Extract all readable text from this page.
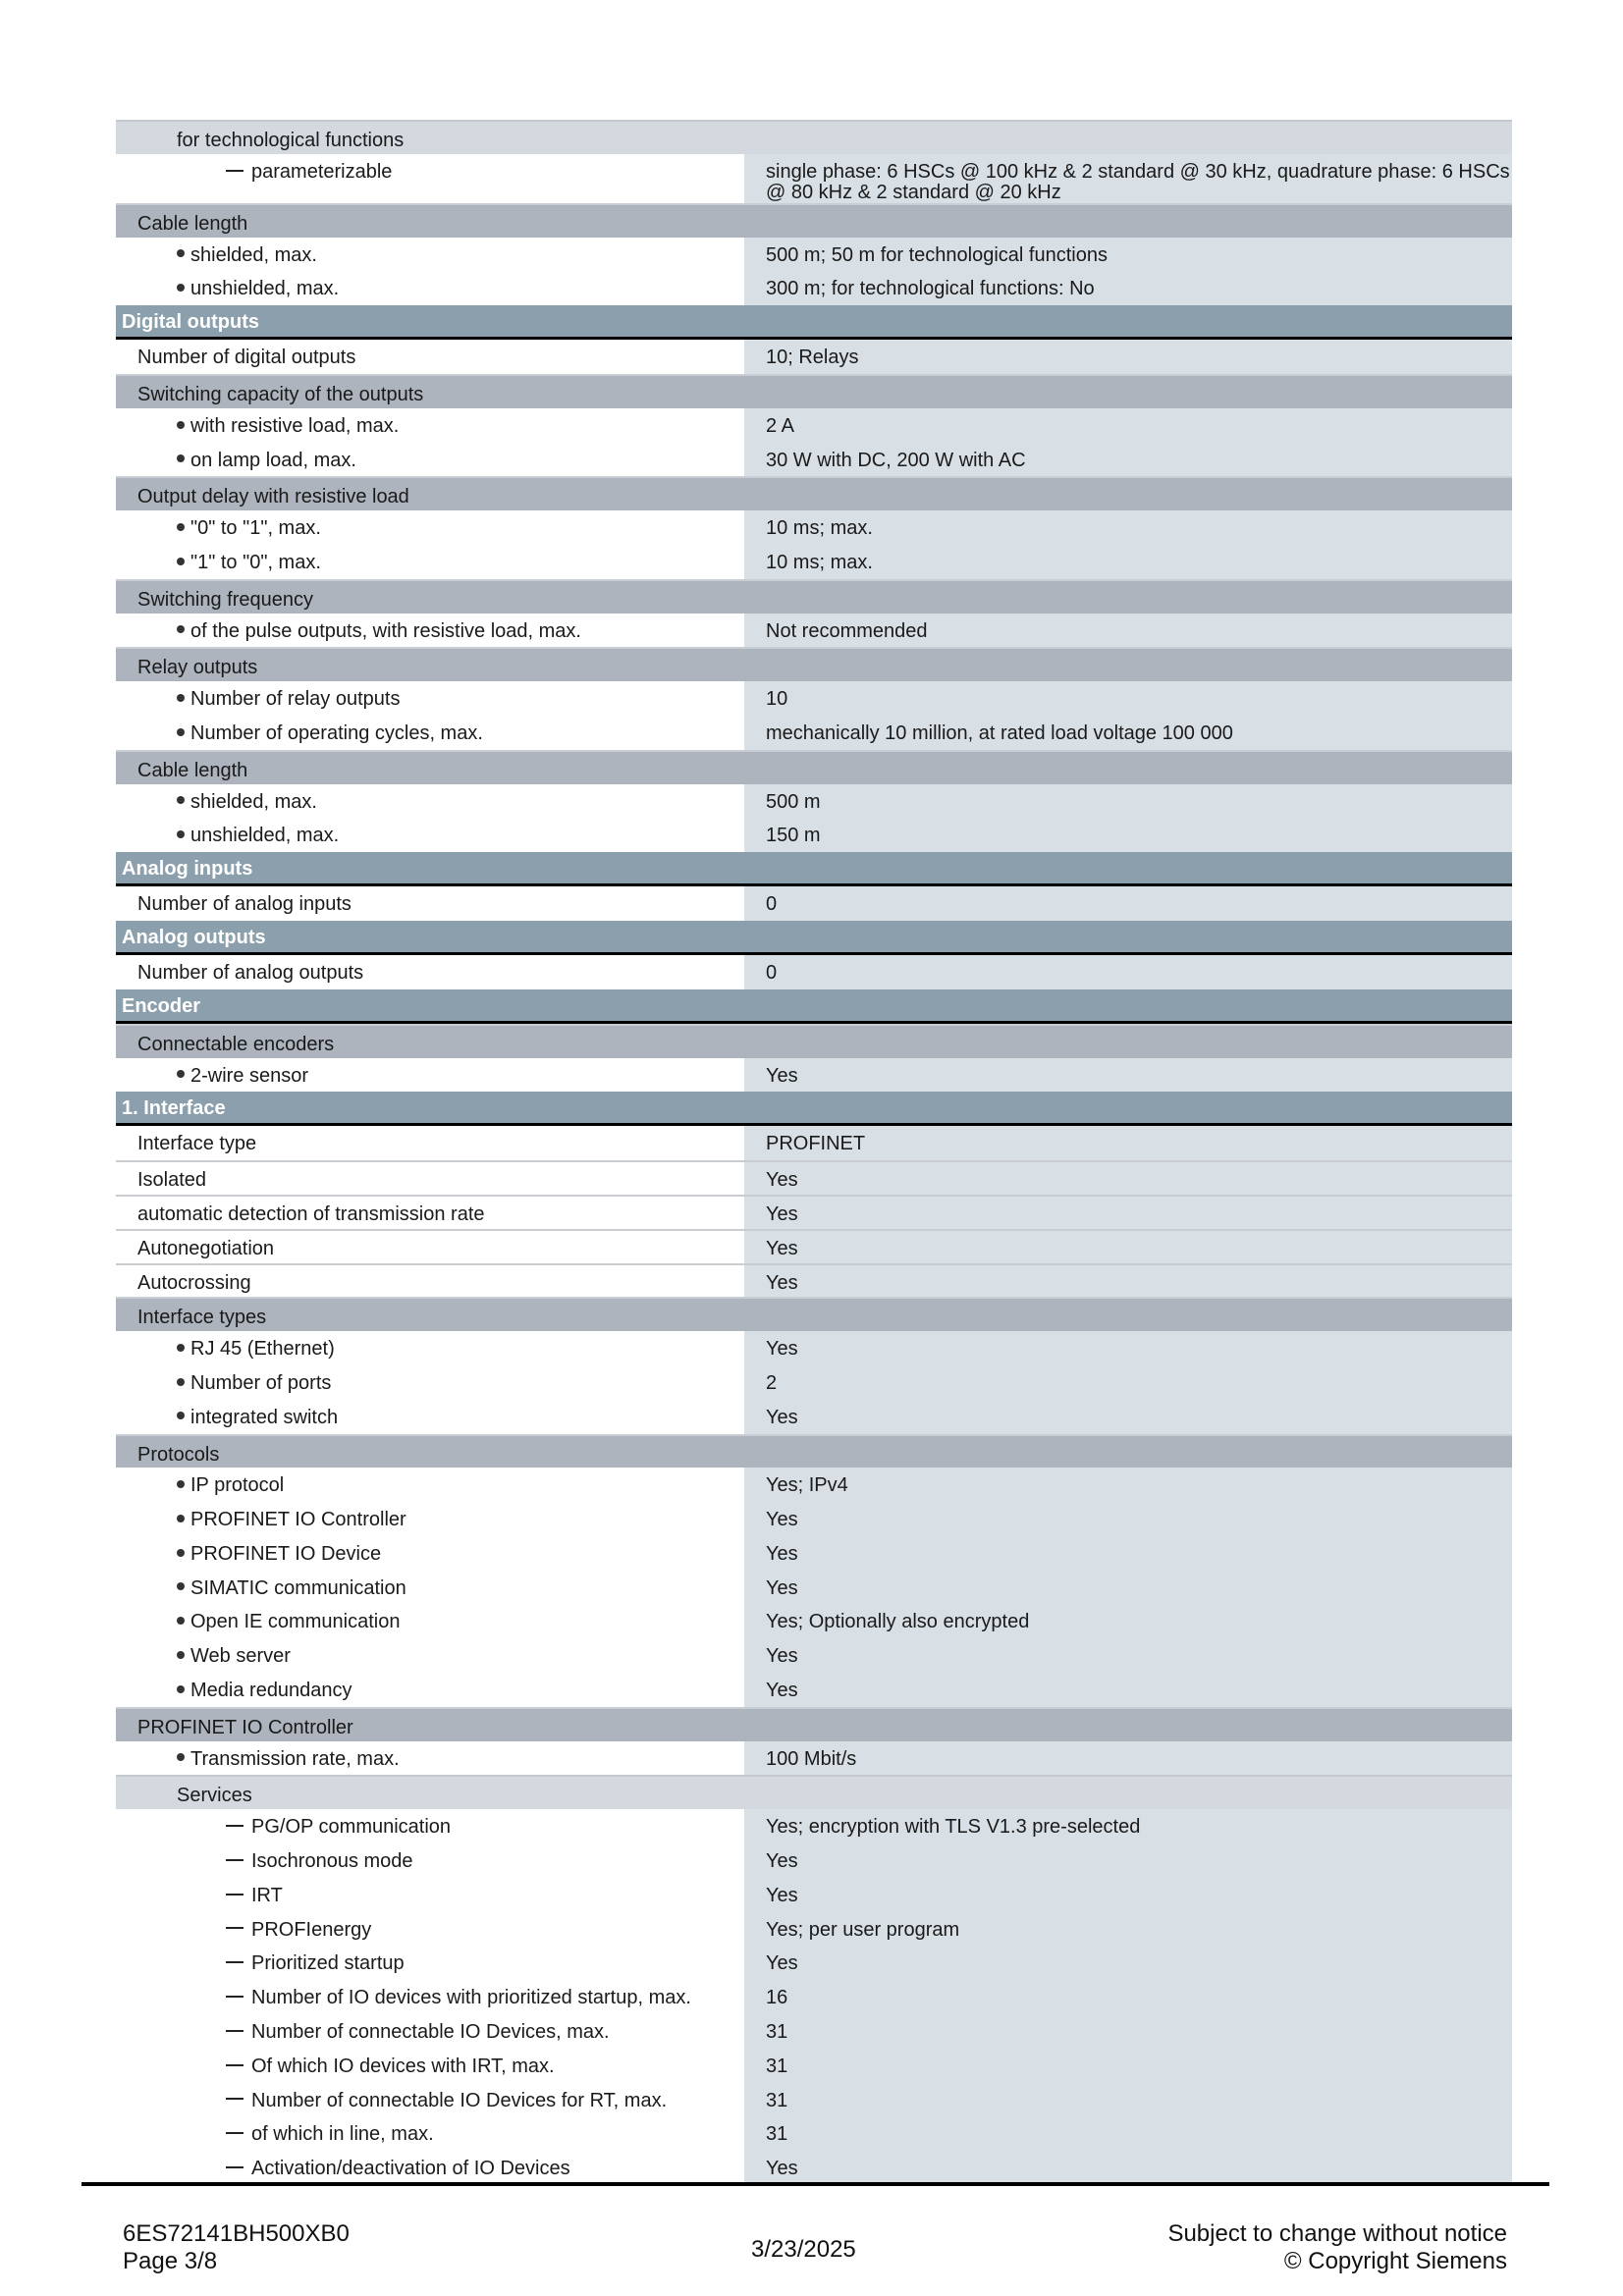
for technological functions
parameterizable	single phase: 6 HSCs @ 100 kHz & 2 standard @ 30 kHz, quadrature phase: 6 HSCs @ 80 kHz & 2 standard @ 20 kHz
Cable length
shielded, max.	500 m; 50 m for technological functions
unshielded, max.	300 m; for technological functions: No
Digital outputs
Number of digital outputs	10; Relays
Switching capacity of the outputs
with resistive load, max.	2 A
on lamp load, max.	30 W with DC, 200 W with AC
Output delay with resistive load
"0" to "1", max.	10 ms; max.
"1" to "0", max.	10 ms; max.
Switching frequency
of the pulse outputs, with resistive load, max.	Not recommended
Relay outputs
Number of relay outputs	10
Number of operating cycles, max.	mechanically 10 million, at rated load voltage 100 000
Cable length
shielded, max.	500 m
unshielded, max.	150 m
Analog inputs
Number of analog inputs	0
Analog outputs
Number of analog outputs	0
Encoder
Connectable encoders
2-wire sensor	Yes
1. Interface
Interface type	PROFINET
Isolated	Yes
automatic detection of transmission rate	Yes
Autonegotiation	Yes
Autocrossing	Yes
Interface types
RJ 45 (Ethernet)	Yes
Number of ports	2
integrated switch	Yes
Protocols
IP protocol	Yes; IPv4
PROFINET IO Controller	Yes
PROFINET IO Device	Yes
SIMATIC communication	Yes
Open IE communication	Yes; Optionally also encrypted
Web server	Yes
Media redundancy	Yes
PROFINET IO Controller
Transmission rate, max.	100 Mbit/s
Services
PG/OP communication	Yes; encryption with TLS V1.3 pre-selected
Isochronous mode	Yes
IRT	Yes
PROFIenergy	Yes; per user program
Prioritized startup	Yes
Number of IO devices with prioritized startup, max.	16
Number of connectable IO Devices, max.	31
Of which IO devices with IRT, max.	31
Number of connectable IO Devices for RT, max.	31
of which in line, max.	31
Activation/deactivation of IO Devices	Yes
6ES72141BH500XB0
Page 3/8	3/23/2025
Subject to change without notice
© Copyright Siemens
